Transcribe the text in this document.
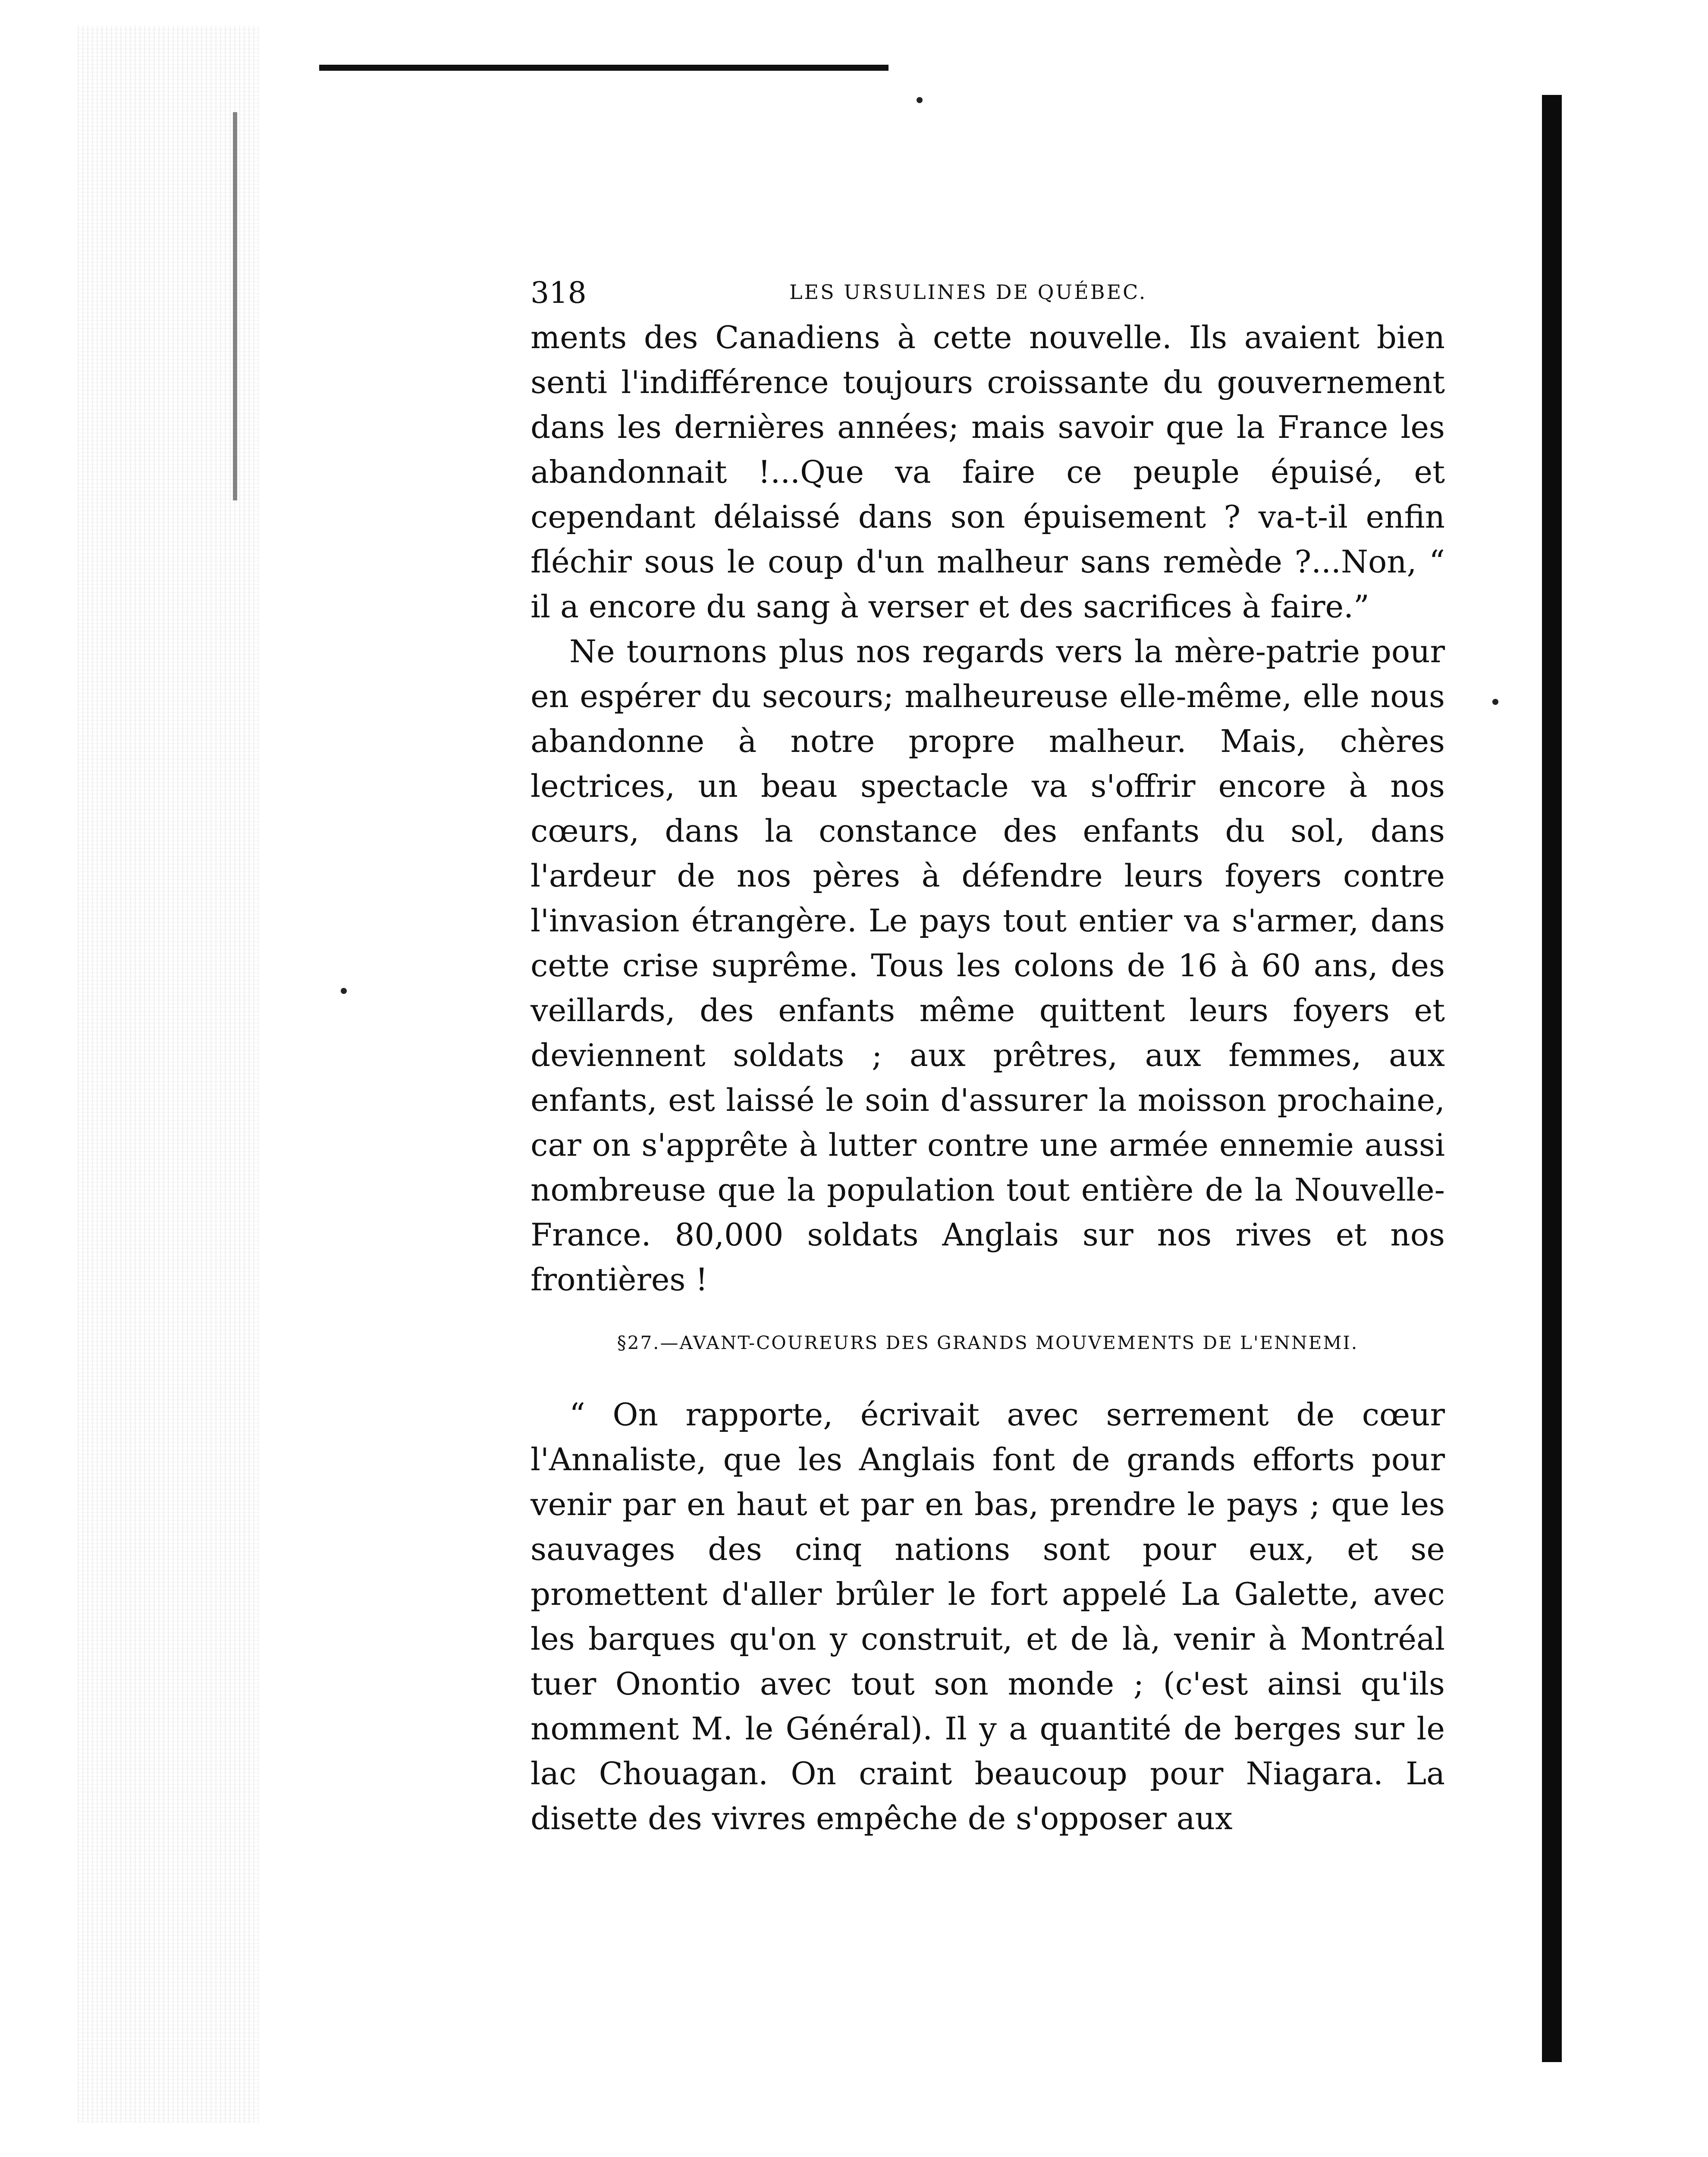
318	LES URSULINES DE QUÉBEC.

ments des Canadiens à cette nouvelle. Ils avaient bien senti l'indifférence toujours croissante du gouvernement dans les dernières années; mais savoir que la France les abandonnait !...Que va faire ce peuple épuisé, et cependant délaissé dans son épuisement ? va-t-il enfin fléchir sous le coup d'un malheur sans remède ?...Non, “ il a encore du sang à verser et des sacrifices à faire.”

Ne tournons plus nos regards vers la mère-patrie pour en espérer du secours; malheureuse elle-même, elle nous abandonne à notre propre malheur. Mais, chères lectrices, un beau spectacle va s'offrir encore à nos cœurs, dans la constance des enfants du sol, dans l'ardeur de nos pères à défendre leurs foyers contre l'invasion étrangère. Le pays tout entier va s'armer, dans cette crise suprême. Tous les colons de 16 à 60 ans, des veillards, des enfants même quittent leurs foyers et deviennent soldats ; aux prêtres, aux femmes, aux enfants, est laissé le soin d'assurer la moisson prochaine, car on s'apprête à lutter contre une armée ennemie aussi nombreuse que la population tout entière de la Nouvelle-France. 80,000 soldats Anglais sur nos rives et nos frontières !

§27.—AVANT-COUREURS DES GRANDS MOUVEMENTS DE L'ENNEMI.

“ On rapporte, écrivait avec serrement de cœur l'Annaliste, que les Anglais font de grands efforts pour venir par en haut et par en bas, prendre le pays ; que les sauvages des cinq nations sont pour eux, et se promettent d'aller brûler le fort appelé La Galette, avec les barques qu'on y construit, et de là, venir à Montréal tuer Onontio avec tout son monde ; (c'est ainsi qu'ils nomment M. le Général). Il y a quantité de berges sur le lac Chouagan. On craint beaucoup pour Niagara. La disette des vivres empêche de s'opposer aux
